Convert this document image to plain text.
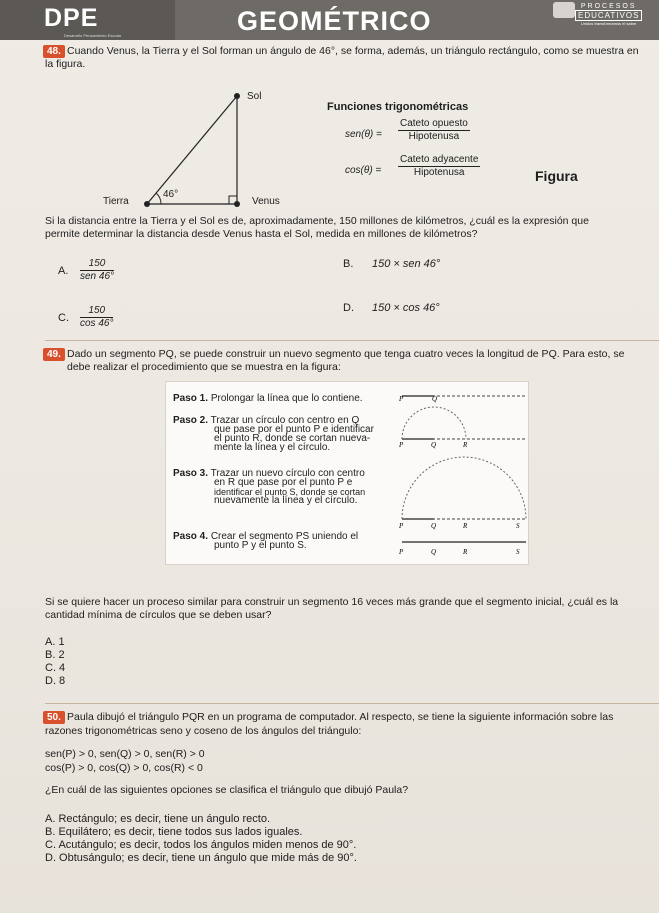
DPE
Desarrollo Pensamiento Escolar	GEOMÉTRICO	PROCESOS
EDUCATIVOS
Unidos transformamos el saber
48. Cuando Venus, la Tierra y el Sol forman un ángulo de 46°, se forma, además, un triángulo rectángulo, como se muestra en
la figura.
Sol
Tierra	Venus
46°
Funciones trigonométricas
sen(θ) =
Cateto opuesto
Hipotenusa
cos(θ) =
Cateto adyacente
Hipotenusa	Figura
Si la distancia entre la Tierra y el Sol es de, aproximadamente, 150 millones de kilómetros, ¿cuál es la expresión que
permite determinar la distancia desde Venus hasta el Sol, medida en millones de kilómetros?
A.
150
sen 46°
B. 150 × sen 46°
C. $\frac{150}{\cos 46^\circ}$	D. 150 × cos 46°
49. Dado un segmento PQ, se puede construir un nuevo segmento que tenga cuatro veces la longitud de PQ. Para esto, se
debe realizar el procedimiento que se muestra en la figura:
Paso 1. Prolongar la línea que lo contiene.
Paso 2. Trazar un círculo con centro en Q
que pase por el punto P e identificar
el punto R, donde se cortan nueva-
mente la línea y el círculo.
Paso 3. Trazar un nuevo círculo con centro
en R que pase por el punto P e
identificar el punto S, donde se cortan
nuevamente la línea y el círculo.
Paso 4. Crear el segmento PS uniendo el
punto P y el punto S.
P	Q
P	Q	R
P	Q	R	S
P	Q	R	S
Si se quiere hacer un proceso similar para construir un segmento 16 veces más grande que el segmento inicial, ¿cuál es la
cantidad mínima de círculos que se deben usar?
A. 1
B. 2
C. 4
D. 8
50. Paula dibujó el triángulo PQR en un programa de computador. Al respecto, se tiene la siguiente información sobre las
razones trigonométricas seno y coseno de los ángulos del triángulo:
sen(P) > 0, sen(Q) > 0, sen(R) > 0
cos(P) > 0, cos(Q) > 0, cos(R) < 0
¿En cuál de las siguientes opciones se clasifica el triángulo que dibujó Paula?
A. Rectángulo; es decir, tiene un ángulo recto.
B. Equilátero; es decir, tiene todos sus lados iguales.
C. Acutángulo; es decir, todos los ángulos miden menos de 90°.
D. Obtusángulo; es decir, tiene un ángulo que mide más de 90°.
